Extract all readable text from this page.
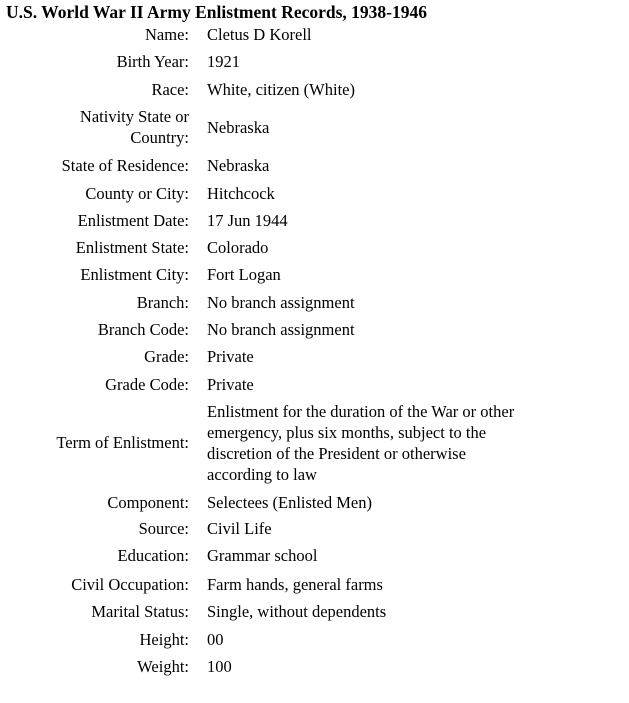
U.S. World War II Army Enlistment Records, 1938-1946
Name: Cletus D Korell
Birth Year: 1921
Race: White, citizen (White)
Nativity State or Country:
Nebraska
State of Residence: Nebraska
County or City: Hitchcock
Enlistment Date: 17 Jun 1944
Enlistment State: Colorado
Enlistment City: Fort Logan
Branch: No branch assignment
Branch Code: No branch assignment
Grade: Private
Grade Code: Private
Term of Enlistment:
Enlistment for the duration of the War or other emergency, plus six months, subject to the discretion of the President or otherwise according to law
Component: Selectees (Enlisted Men)
Source: Civil Life
Education: Grammar school
Civil Occupation: Farm hands, general farms
Marital Status: Single, without dependents
Height: 00
Weight: 100
